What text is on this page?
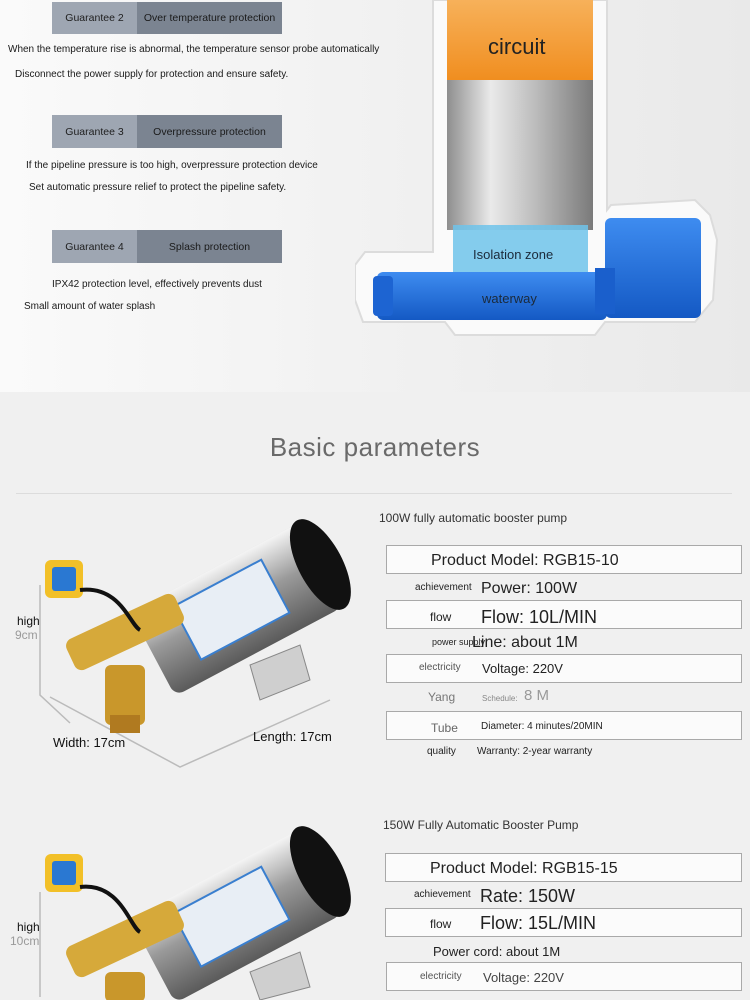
Guarantee 2	Over temperature protection
When the temperature rise is abnormal, the temperature sensor probe automatically
Disconnect the power supply for protection and ensure safety.
Guarantee 3	Overpressure protection
If the pipeline pressure is too high, overpressure protection device
Set automatic pressure relief to protect the pipeline safety.
Guarantee 4	Splash protection
IPX42 protection level, effectively prevents dust
Small amount of water splash
circuit
Isolation zone
waterway
Basic parameters
100W fully automatic booster pump
high
9cm
Width: 17cm	Length: 17cm
Product Model: RGB15-10
achievement Power: 100W
flow Flow: 10L/MIN
power supply
Line: about 1M
electricity Voltage: 220V
Yang	Schedule: 8 M
Tube Diameter: 4 minutes/20MIN
quality Warranty: 2-year warranty
150W Fully Automatic Booster Pump
high
10cm
Product Model: RGB15-15
achievement Rate: 150W
flow Flow: 15L/MIN
Power cord: about 1M
electricity Voltage: 220V
